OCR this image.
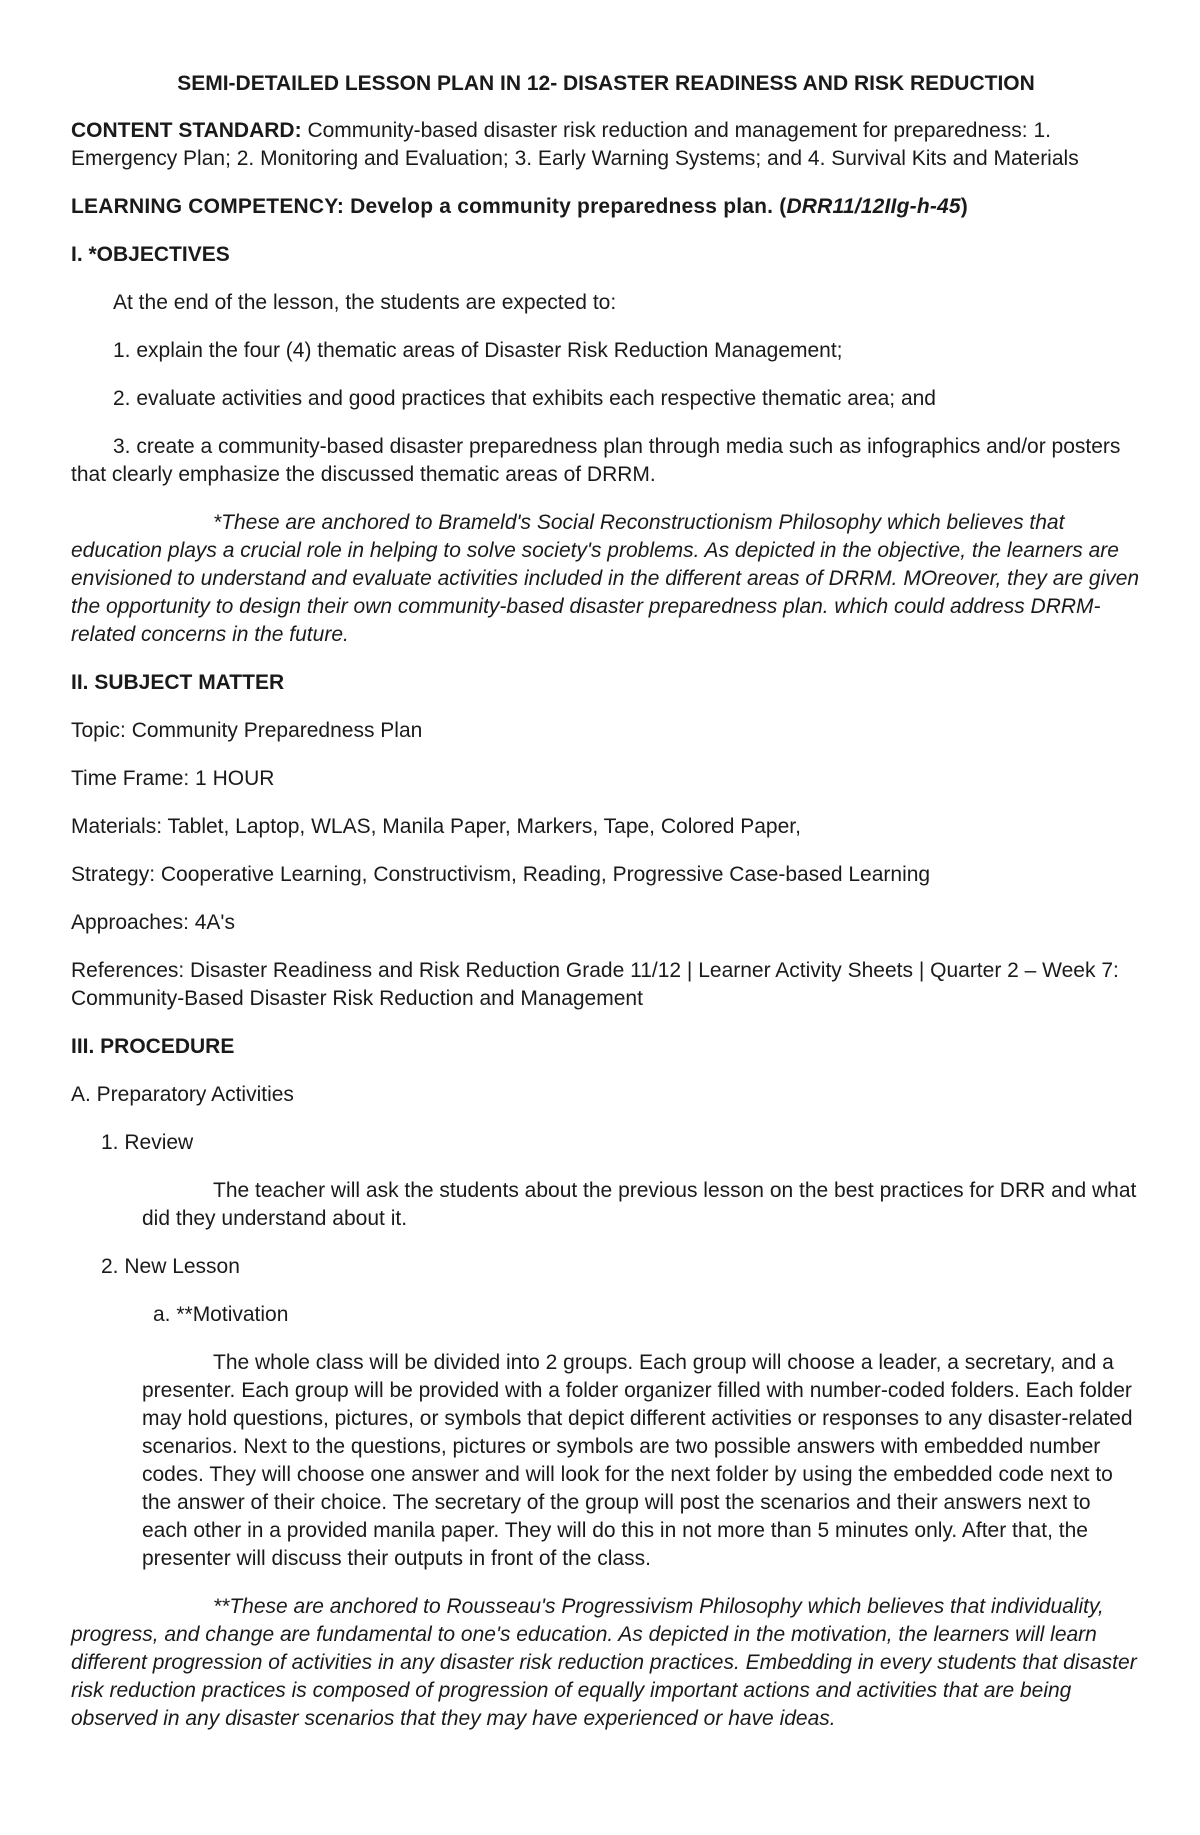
SEMI-DETAILED LESSON PLAN IN 12- DISASTER READINESS AND RISK REDUCTION

CONTENT STANDARD: Community-based disaster risk reduction and management for preparedness: 1. Emergency Plan; 2. Monitoring and Evaluation; 3. Early Warning Systems; and 4. Survival Kits and Materials

LEARNING COMPETENCY: Develop a community preparedness plan. (DRR11/12IIg-h-45)

I. *OBJECTIVES

At the end of the lesson, the students are expected to:

1. explain the four (4) thematic areas of Disaster Risk Reduction Management;

2. evaluate activities and good practices that exhibits each respective thematic area; and

3. create a community-based disaster preparedness plan through media such as infographics and/or posters that clearly emphasize the discussed thematic areas of DRRM.

*These are anchored to Brameld's Social Reconstructionism Philosophy which believes that education plays a crucial role in helping to solve society's problems. As depicted in the objective, the learners are envisioned to understand and evaluate activities included in the different areas of DRRM. MOreover, they are given the opportunity to design their own community-based disaster preparedness plan. which could address DRRM-related concerns in the future.

II. SUBJECT MATTER

Topic: Community Preparedness Plan

Time Frame: 1 HOUR

Materials: Tablet, Laptop, WLAS, Manila Paper, Markers, Tape, Colored Paper,

Strategy: Cooperative Learning, Constructivism, Reading, Progressive Case-based Learning

Approaches: 4A's

References: Disaster Readiness and Risk Reduction Grade 11/12 | Learner Activity Sheets | Quarter 2 – Week 7: Community-Based Disaster Risk Reduction and Management

III. PROCEDURE

A. Preparatory Activities

1. Review

The teacher will ask the students about the previous lesson on the best practices for DRR and what did they understand about it.

2. New Lesson

a. **Motivation

The whole class will be divided into 2 groups. Each group will choose a leader, a secretary, and a presenter. Each group will be provided with a folder organizer filled with number-coded folders. Each folder may hold questions, pictures, or symbols that depict different activities or responses to any disaster-related scenarios. Next to the questions, pictures or symbols are two possible answers with embedded number codes. They will choose one answer and will look for the next folder by using the embedded code next to the answer of their choice. The secretary of the group will post the scenarios and their answers next to each other in a provided manila paper. They will do this in not more than 5 minutes only. After that, the presenter will discuss their outputs in front of the class.

**These are anchored to Rousseau's Progressivism Philosophy which believes that individuality, progress, and change are fundamental to one's education. As depicted in the motivation, the learners will learn different progression of activities in any disaster risk reduction practices. Embedding in every students that disaster risk reduction practices is composed of progression of equally important actions and activities that are being observed in any disaster scenarios that they may have experienced or have ideas.
